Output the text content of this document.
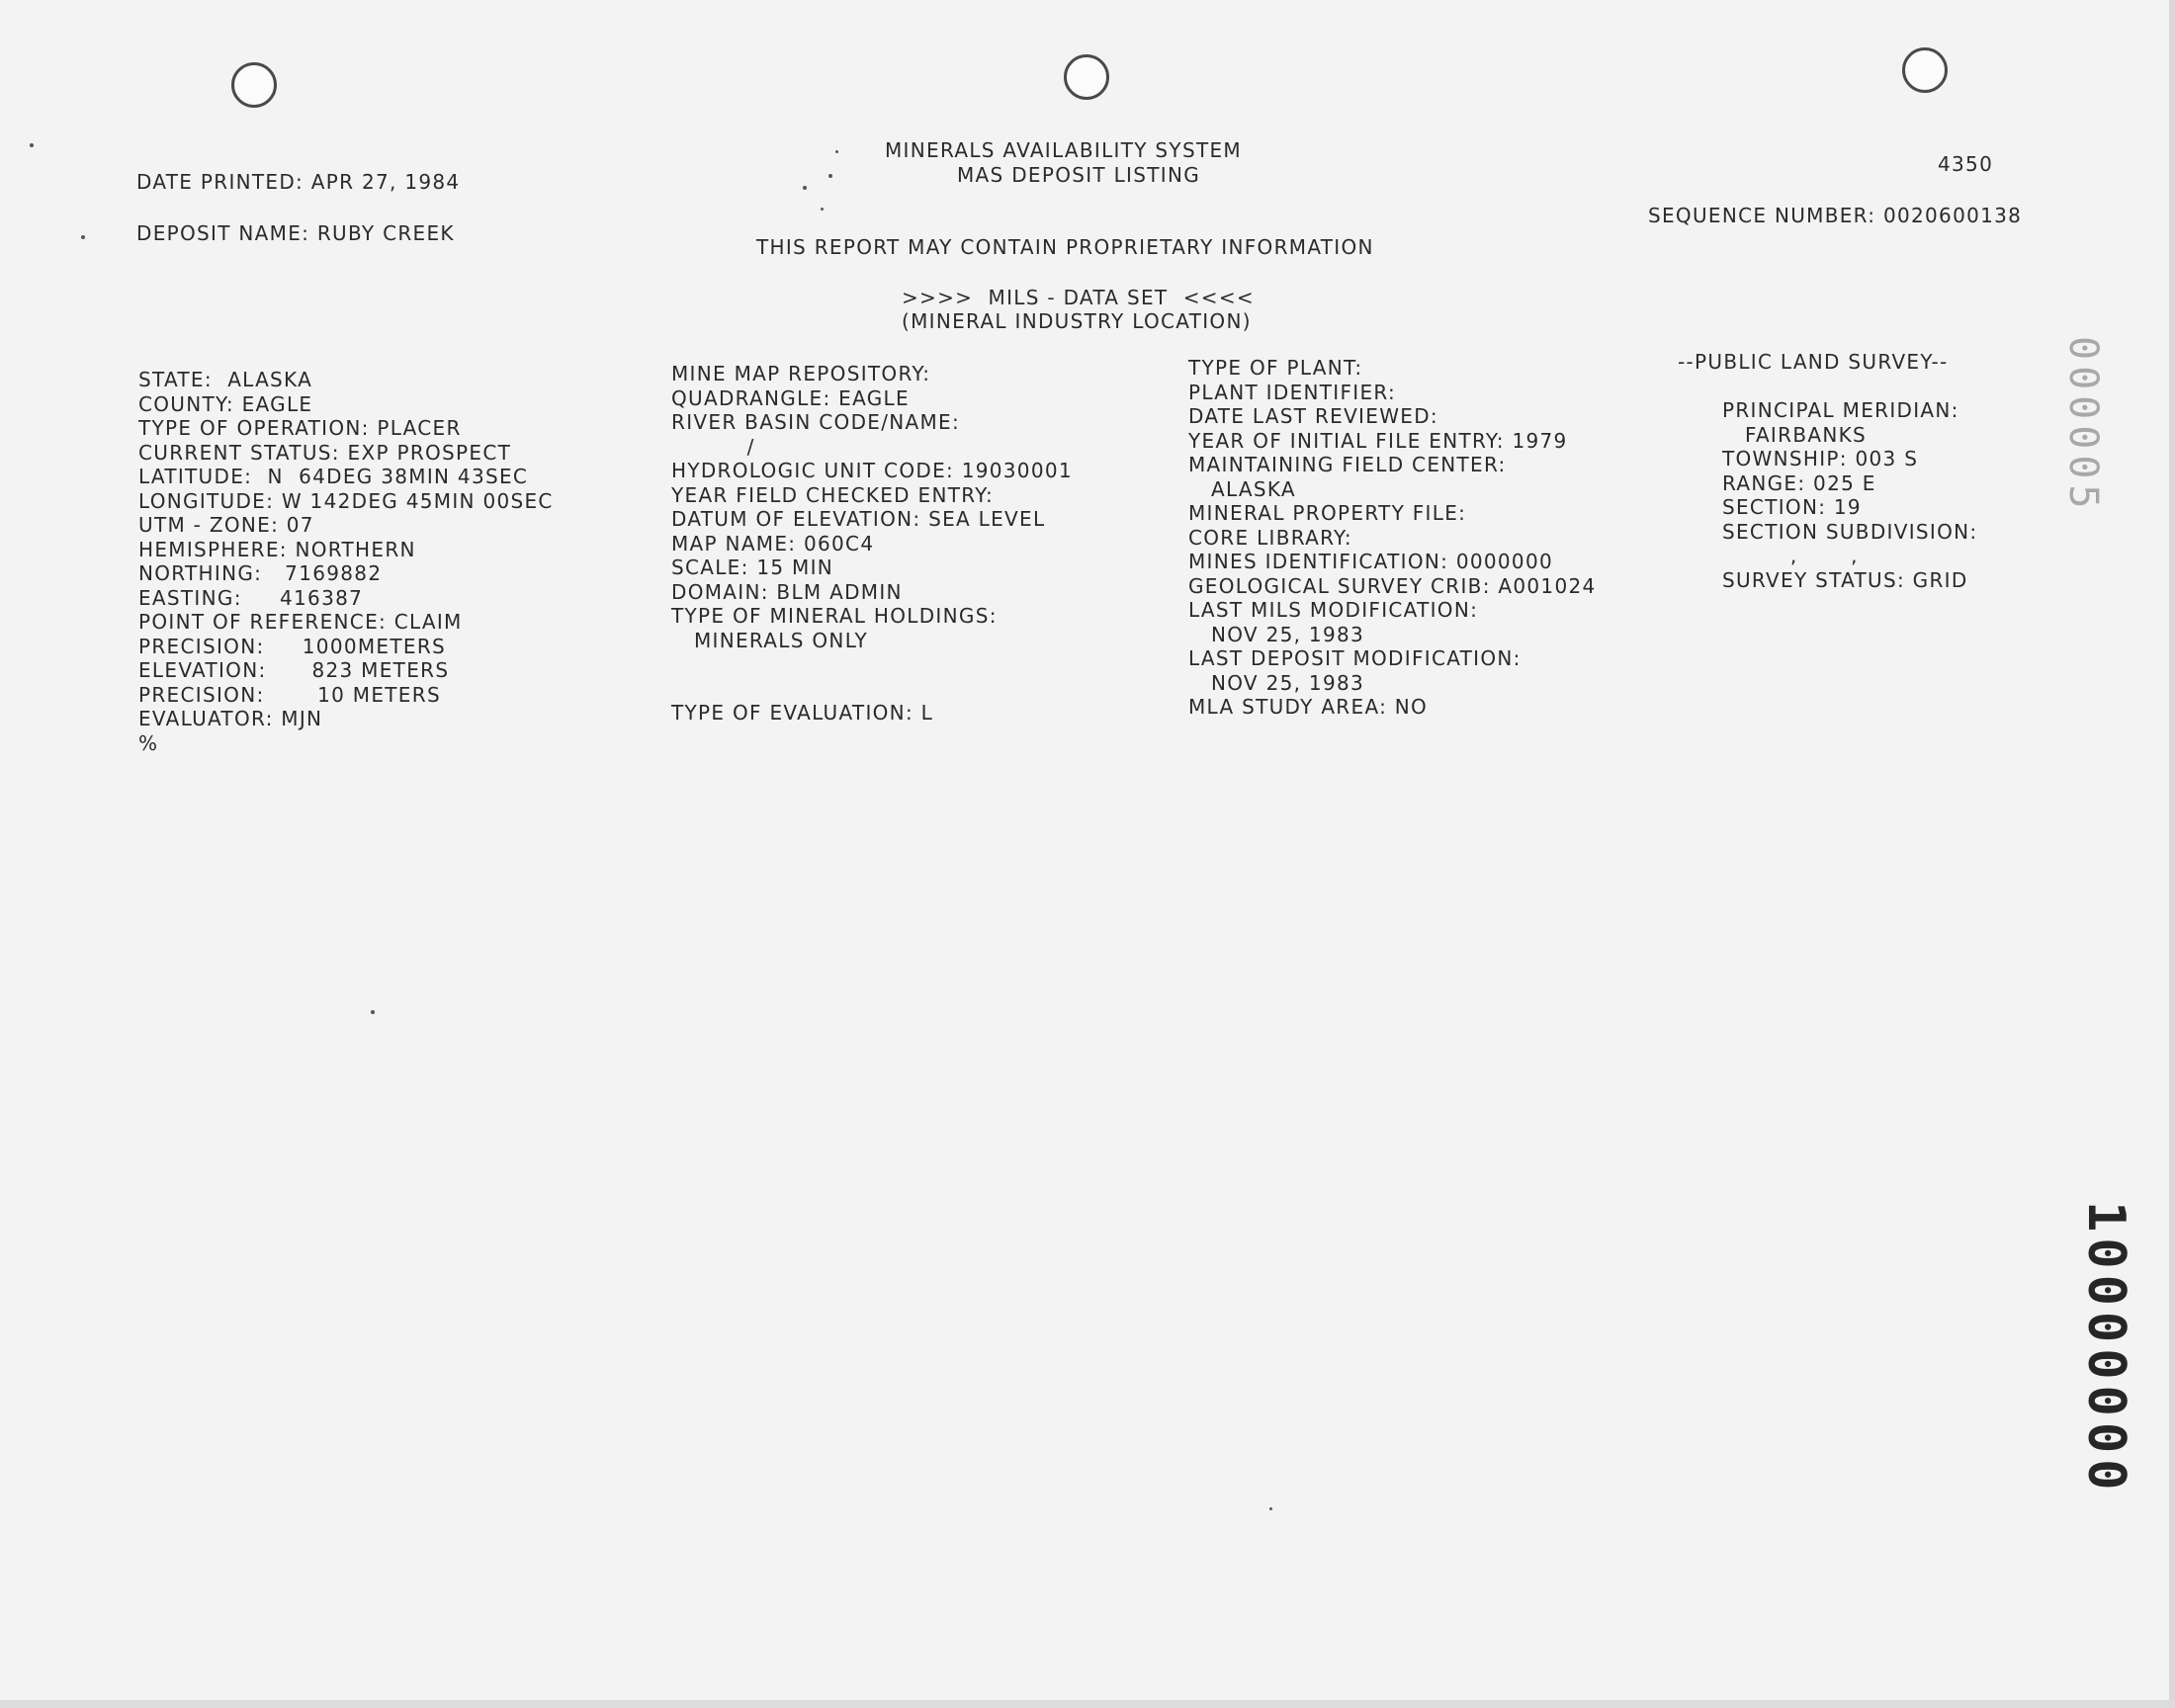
DATE PRINTED: APR 27, 1984
DEPOSIT NAME: RUBY CREEK
MINERALS AVAILABILITY SYSTEM
MAS DEPOSIT LISTING	4350
SEQUENCE NUMBER: 0020600138
THIS REPORT MAY CONTAIN PROPRIETARY INFORMATION
>>>>  MILS - DATA SET  <<<<
(MINERAL INDUSTRY LOCATION)
STATE:  ALASKA
COUNTY: EAGLE
TYPE OF OPERATION: PLACER
CURRENT STATUS: EXP PROSPECT
LATITUDE:  N  64DEG 38MIN 43SEC
LONGITUDE: W 142DEG 45MIN 00SEC
UTM - ZONE: 07
HEMISPHERE: NORTHERN
NORTHING:   7169882
EASTING:     416387
POINT OF REFERENCE: CLAIM
PRECISION:     1000METERS
ELEVATION:      823 METERS
PRECISION:       10 METERS
EVALUATOR: MJN
%
MINE MAP REPOSITORY:
QUADRANGLE: EAGLE
RIVER BASIN CODE/NAME:
/
HYDROLOGIC UNIT CODE: 19030001
YEAR FIELD CHECKED ENTRY:
DATUM OF ELEVATION: SEA LEVEL
MAP NAME: 060C4
SCALE: 15 MIN
DOMAIN: BLM ADMIN
TYPE OF MINERAL HOLDINGS:
MINERALS ONLY
TYPE OF EVALUATION: L
TYPE OF PLANT:
PLANT IDENTIFIER:
DATE LAST REVIEWED:
YEAR OF INITIAL FILE ENTRY: 1979
MAINTAINING FIELD CENTER:
ALASKA
MINERAL PROPERTY FILE:
CORE LIBRARY:
MINES IDENTIFICATION: 0000000
GEOLOGICAL SURVEY CRIB: A001024
LAST MILS MODIFICATION:
NOV 25, 1983
LAST DEPOSIT MODIFICATION:
NOV 25, 1983
MLA STUDY AREA: NO
--PUBLIC LAND SURVEY--
PRINCIPAL MERIDIAN:
FAIRBANKS
TOWNSHIP: 003 S
RANGE: 025 E
SECTION: 19
SECTION SUBDIVISION:
,       ,
SURVEY STATUS: GRID
000005
10000000
